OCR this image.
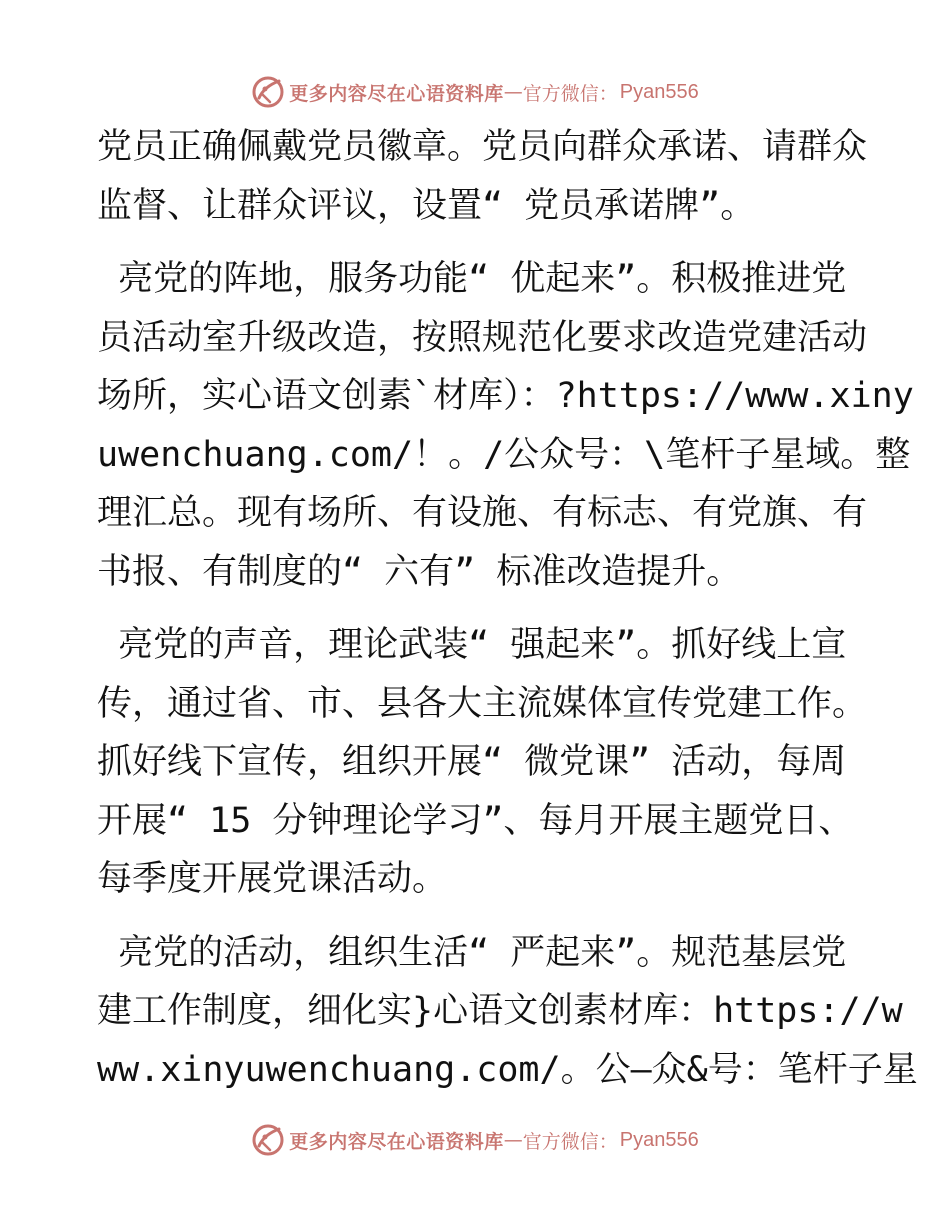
更多内容尽在心语资料库 — 官方微信： Pyan556
党员正确佩戴党员徽章。党员向群众承诺、请群众
监督、让群众评议，设置“ 党员承诺牌”。
亮党的阵地，服务功能“ 优起来”。积极推进党
员活动室升级改造，按照规范化要求改造党建活动
场所，实心语文创素`材库）：?https://www.xiny
uwenchuang.com/！。/公众号：\笔杆子星域。整
理汇总。现有场所、有设施、有标志、有党旗、有
书报、有制度的“ 六有” 标准改造提升。
亮党的声音，理论武装“ 强起来”。抓好线上宣
传，通过省、市、县各大主流媒体宣传党建工作。
抓好线下宣传，组织开展“ 微党课” 活动，每周
开展“ 15 分钟理论学习”、每月开展主题党日、
每季度开展党课活动。
亮党的活动，组织生活“ 严起来”。规范基层党
建工作制度，细化实}心语文创素材库：https://w
ww.xinyuwenchuang.com/。公—众&号：笔杆子星
更多内容尽在心语资料库 — 官方微信： Pyan556
